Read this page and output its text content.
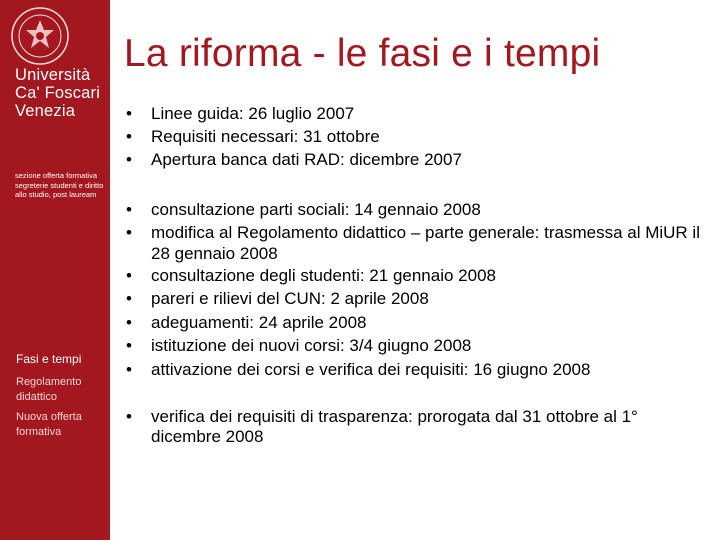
Università
Ca' Foscari
Venezia
sezione offerta formativa segreterie studenti e diritto allo studio, post lauream
Fasi e tempi
Regolamento didattico
Nuova offerta formativa
La riforma - le fasi e i tempi
• Linee guida: 26 luglio 2007
• Requisiti necessari: 31 ottobre
• Apertura banca dati RAD: dicembre 2007
• consultazione parti sociali: 14 gennaio 2008
• modifica al Regolamento didattico – parte generale: trasmessa al MiUR il 28 gennaio 2008
• consultazione degli studenti: 21 gennaio 2008
• pareri e rilievi del CUN: 2 aprile 2008
• adeguamenti: 24 aprile 2008
• istituzione dei nuovi corsi: 3/4 giugno 2008
• attivazione dei corsi e verifica dei requisiti: 16 giugno 2008
• verifica dei requisiti di trasparenza: prorogata dal 31 ottobre al 1° dicembre 2008
